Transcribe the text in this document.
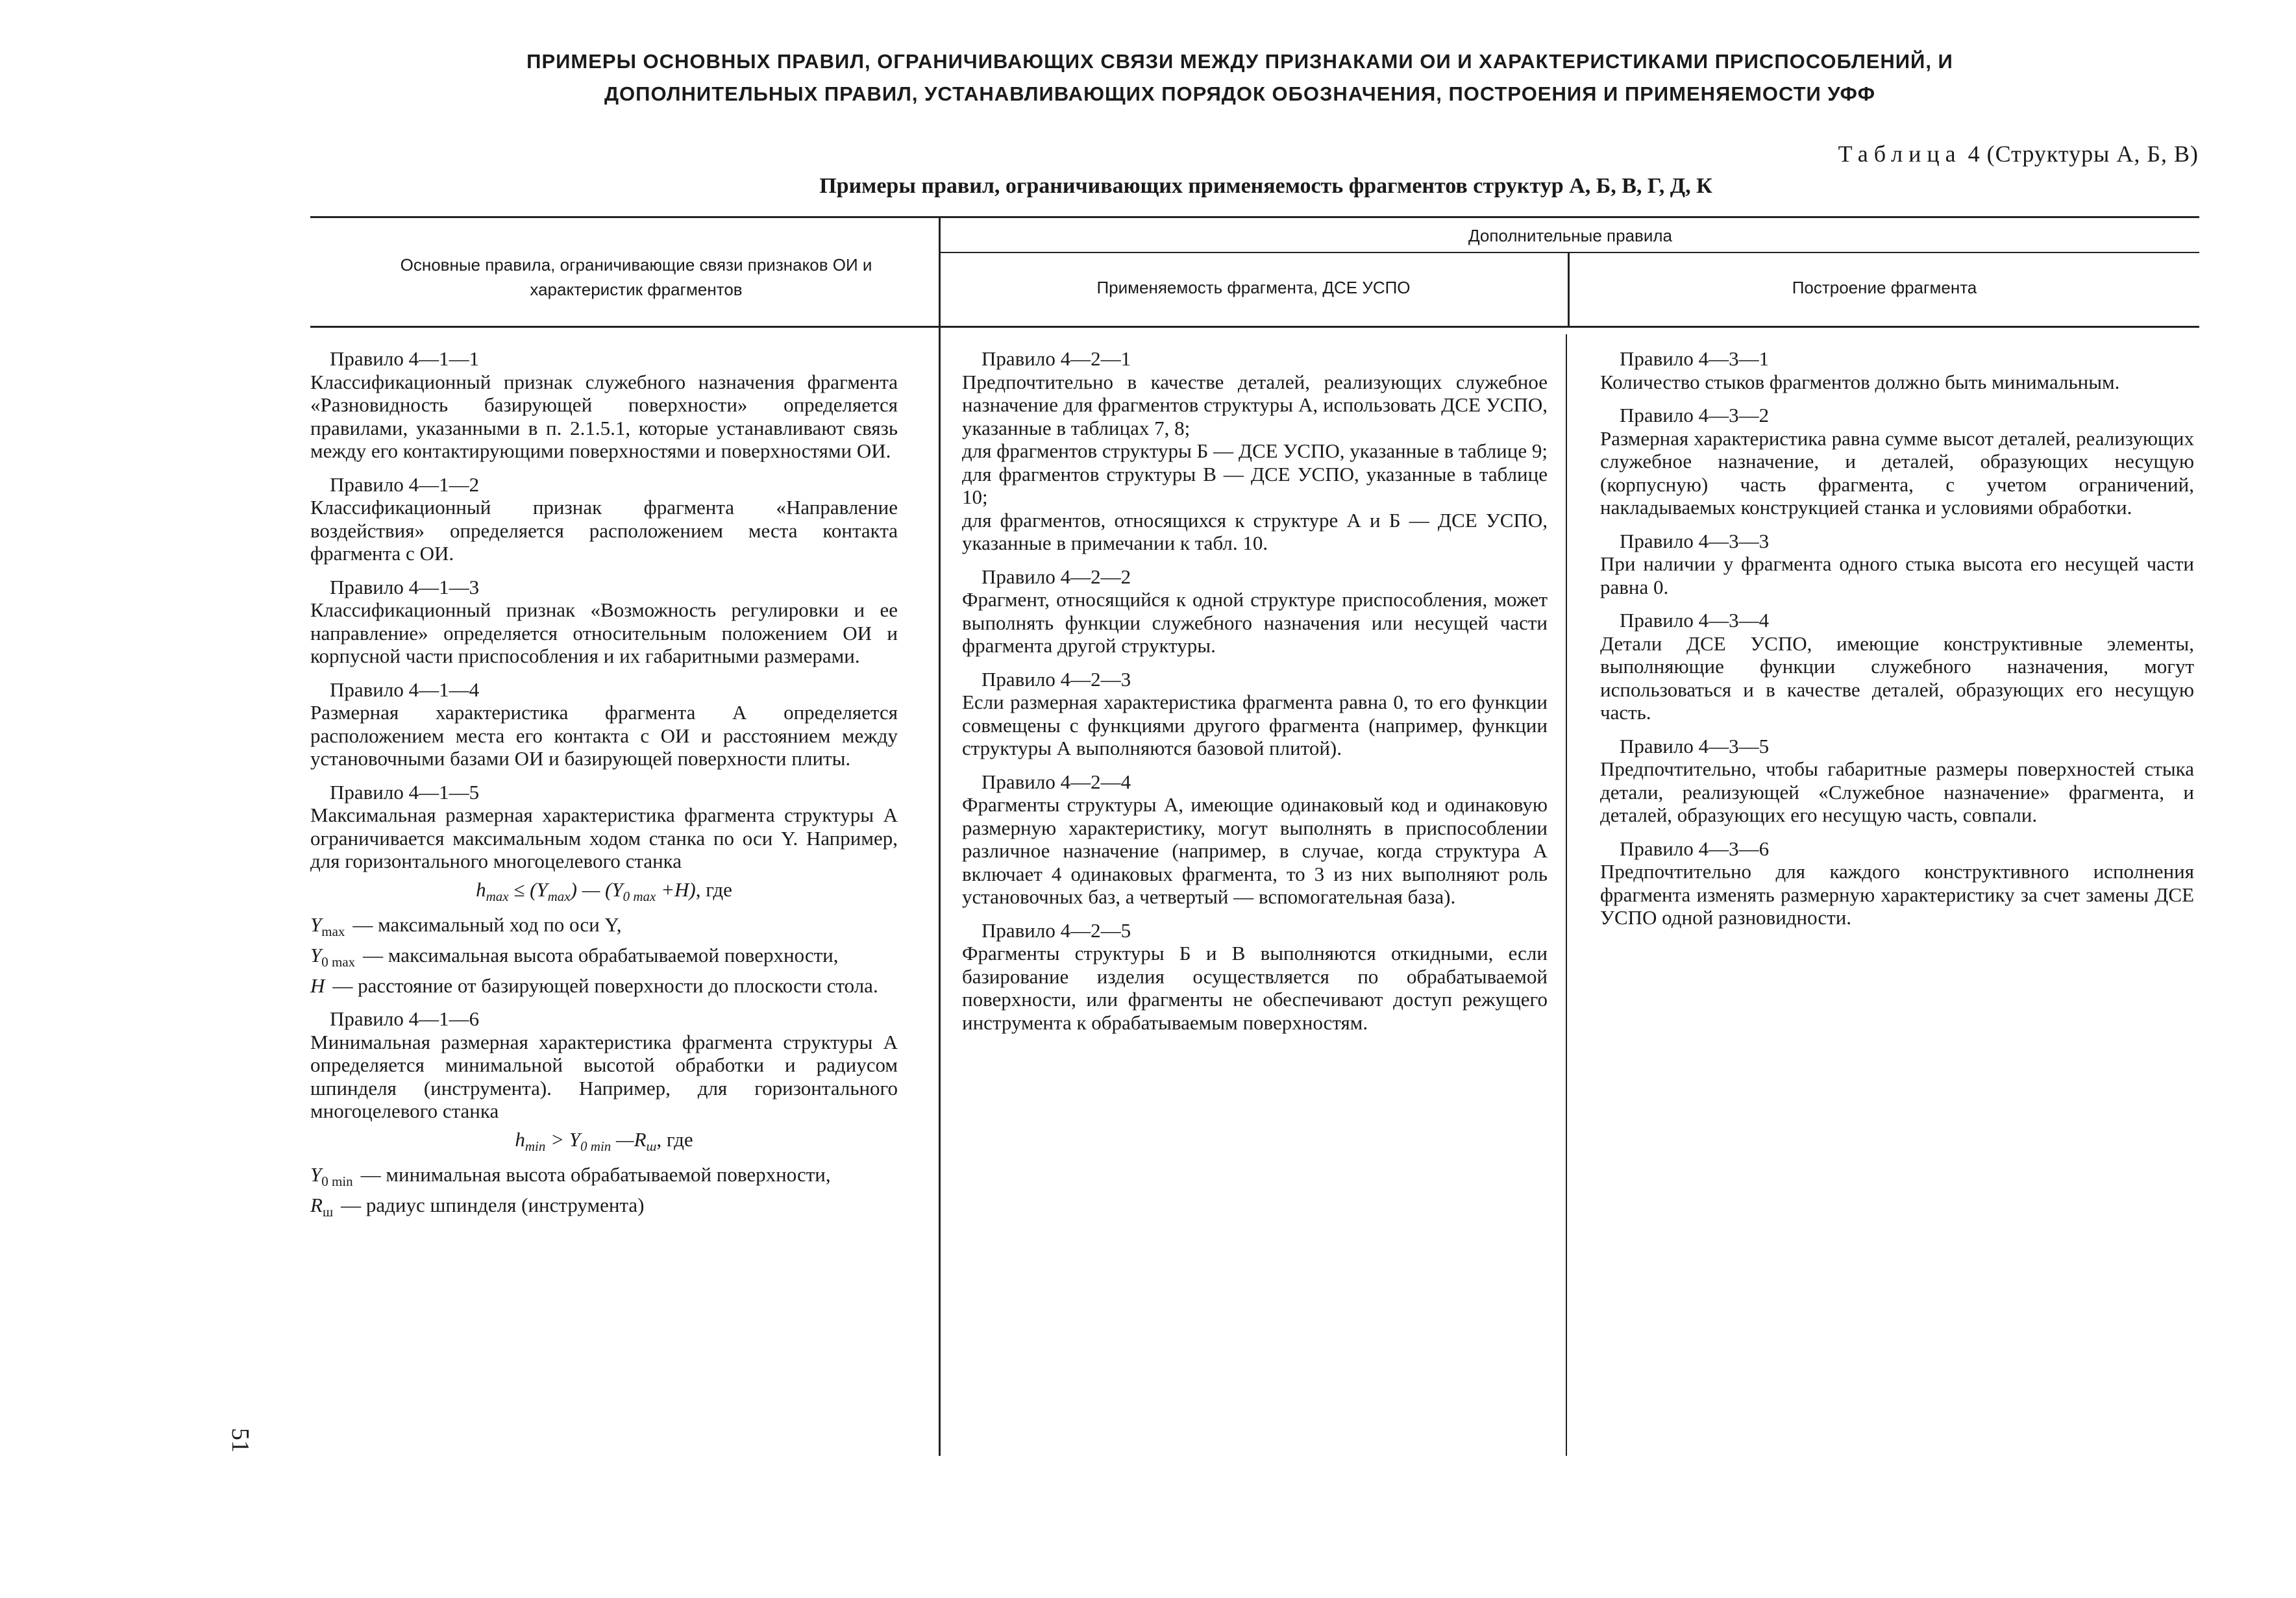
ПРИМЕРЫ ОСНОВНЫХ ПРАВИЛ, ОГРАНИЧИВАЮЩИХ СВЯЗИ МЕЖДУ ПРИЗНАКАМИ ОИ И ХАРАКТЕРИСТИКАМИ ПРИСПОСОБЛЕНИЙ, И
ДОПОЛНИТЕЛЬНЫХ ПРАВИЛ, УСТАНАВЛИВАЮЩИХ ПОРЯДОК ОБОЗНАЧЕНИЯ, ПОСТРОЕНИЯ И ПРИМЕНЯЕМОСТИ УФФ
Таблица 4 (Структуры А, Б, В)
Примеры правил, ограничивающих применяемость фрагментов структур А, Б, В, Г, Д, К
Основные правила, ограничивающие связи признаков ОИ и характеристик фрагментов
Дополнительные правила
Применяемость фрагмента, ДСЕ УСПО	Построение фрагмента
Правило 4—1—1
Классификационный признак служебного назначения фрагмента «Разновидность базирующей поверхности» определяется правилами, указанными в п. 2.1.5.1, которые устанавливают связь между его контактирующими поверхностями и поверхностями ОИ.
Правило 4—1—2
Классификационный признак фрагмента «Направление воздействия» определяется расположением места контакта фрагмента с ОИ.
Правило 4—1—3
Классификационный признак «Возможность регулировки и ее направление» определяется относительным положением ОИ и корпусной части приспособления и их габаритными размерами.
Правило 4—1—4
Размерная характеристика фрагмента А определяется расположением места его контакта с ОИ и расстоянием между установочными базами ОИ и базирующей поверхности плиты.
Правило 4—1—5
Максимальная размерная характеристика фрагмента структуры А ограничивается максимальным ходом станка по оси Y. Например, для горизонтального многоцелевого станка
$h_{max} \le (Y_{max})$ — $(Y_{0 max} +H)$, где
$Y_{max}$ — максимальный ход по оси Y,
$Y_{0 max}$ — максимальная высота обрабатываемой поверхности,
H — расстояние от базирующей поверхности до плоскости стола.
Правило 4—1—6
Минимальная размерная характеристика фрагмента структуры А определяется минимальной высотой обработки и радиусом шпинделя (инструмента). Например, для горизонтального многоцелевого станка
$h_{min} > Y_{0 min}$ $—R_ш$, где
$Y_{0 min}$ — минимальная высота обрабатываемой поверхности,
$R_ш$ — радиус шпинделя (инструмента)
Правило 4—2—1
Предпочтительно в качестве деталей, реализующих служебное назначение для фрагментов структуры А, использовать ДСЕ УСПО, указанные в таблицах 7, 8;
для фрагментов структуры Б — ДСЕ УСПО, указанные в таблице 9;
для фрагментов структуры В — ДСЕ УСПО, указанные в таблице 10;
для фрагментов, относящихся к структуре А и Б — ДСЕ УСПО, указанные в примечании к табл. 10.
Правило 4—2—2
Фрагмент, относящийся к одной структуре приспособления, может выполнять функции служебного назначения или несущей части фрагмента другой структуры.
Правило 4—2—3
Если размерная характеристика фрагмента равна 0, то его функции совмещены с функциями другого фрагмента (например, функции структуры А выполняются базовой плитой).
Правило 4—2—4
Фрагменты структуры А, имеющие одинаковый код и одинаковую размерную характеристику, могут выполнять в приспособлении различное назначение (например, в случае, когда структура А включает 4 одинаковых фрагмента, то 3 из них выполняют роль установочных баз, а четвертый — вспомогательная база).
Правило 4—2—5
Фрагменты структуры Б и В выполняются откидными, если базирование изделия осуществляется по обрабатываемой поверхности, или фрагменты не обеспечивают доступ режущего инструмента к обрабатываемым поверхностям.
Правило 4—3—1
Количество стыков фрагментов должно быть минимальным.
Правило 4—3—2
Размерная характеристика равна сумме высот деталей, реализующих служебное назначение, и деталей, образующих несущую (корпусную) часть фрагмента, с учетом ограничений, накладываемых конструкцией станка и условиями обработки.
Правило 4—3—3
При наличии у фрагмента одного стыка высота его несущей части равна 0.
Правило 4—3—4
Детали ДСЕ УСПО, имеющие конструктивные элементы, выполняющие функции служебного назначения, могут использоваться и в качестве деталей, образующих его несущую часть.
Правило 4—3—5
Предпочтительно, чтобы габаритные размеры поверхностей стыка детали, реализующей «Служебное назначение» фрагмента, и деталей, образующих его несущую часть, совпали.
Правило 4—3—6
Предпочтительно для каждого конструктивного исполнения фрагмента изменять размерную характеристику за счет замены ДСЕ УСПО одной разновидности.
51
